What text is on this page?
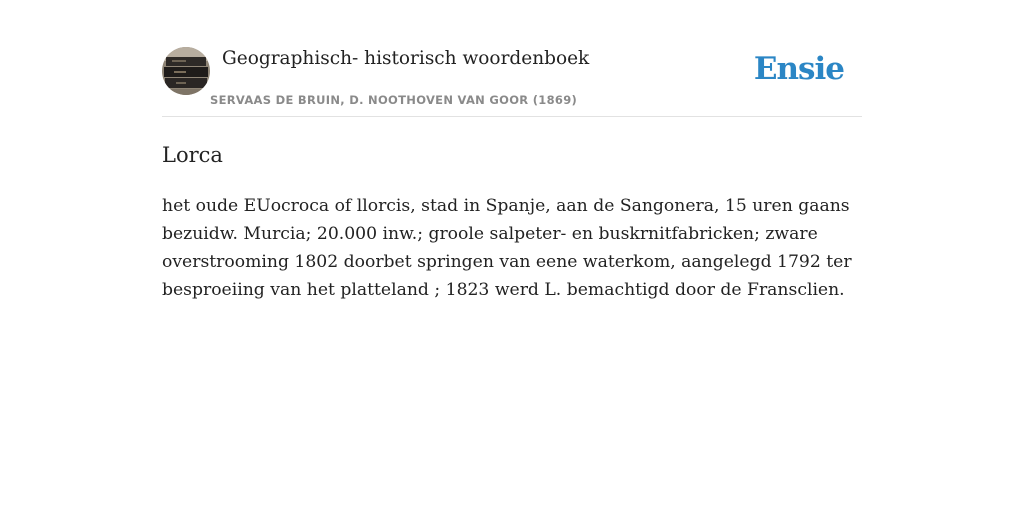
Geographisch- historisch woordenboek
SERVAAS DE BRUIN, D. NOOTHOVEN VAN GOOR (1869)
Ensie
Lorca

het oude EUocroca of llorcis, stad in Spanje, aan de Sangonera, 15 uren gaans bezuidw. Murcia; 20.000 inw.; groole salpeter- en buskrnitfabricken; zware overstrooming 1802 doorbet springen van eene waterkom, aangelegd 1792 ter besproeiing van het platteland ; 1823 werd L. bemachtigd door de Fransclien.
